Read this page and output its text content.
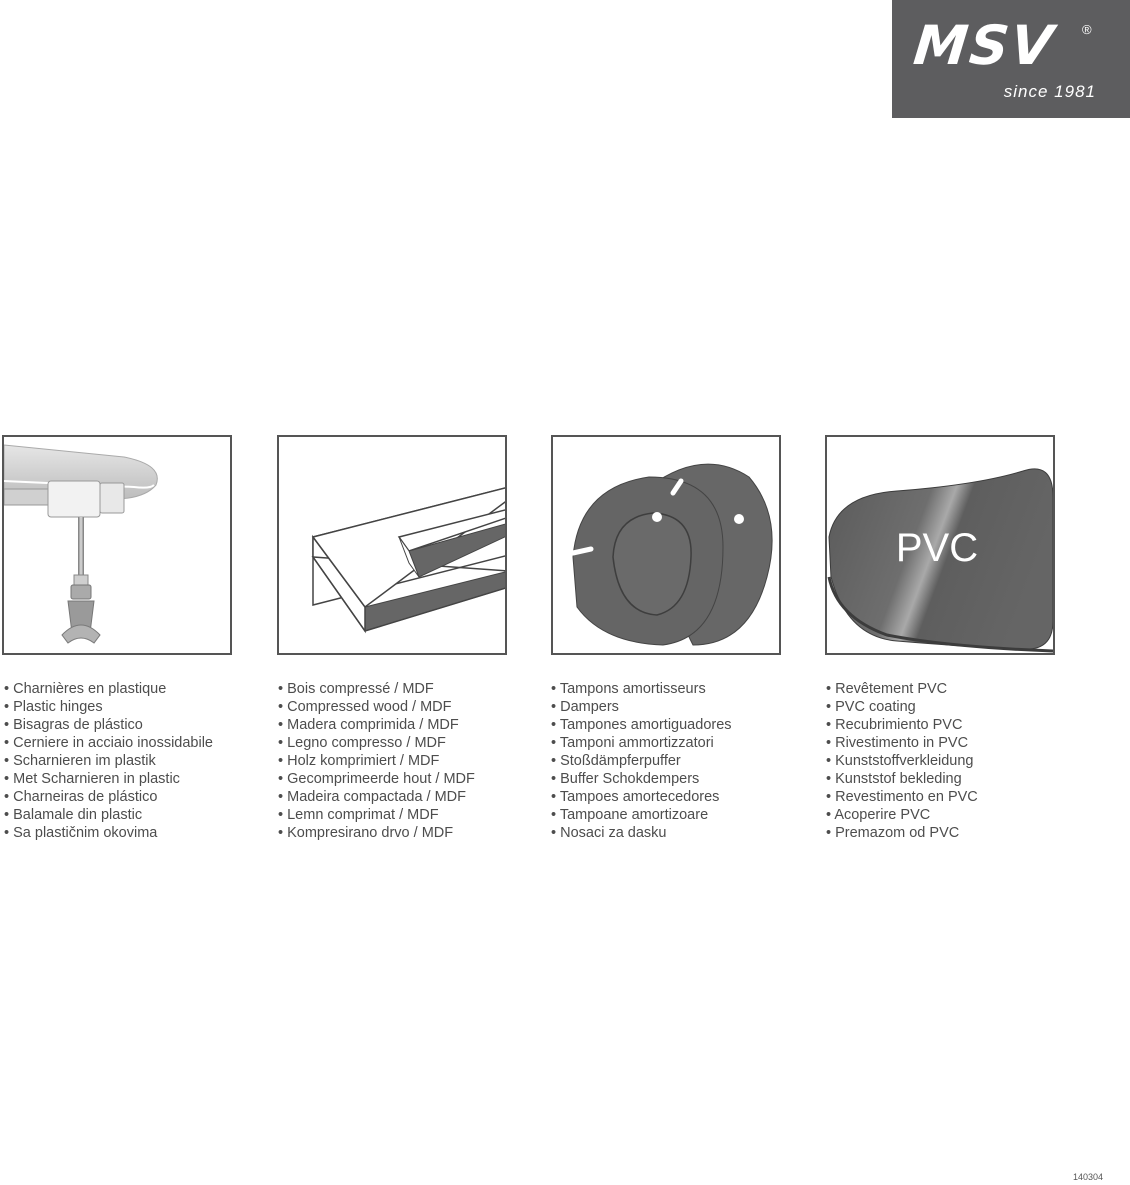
MSV ®
since 1981
PVC
• Charnières en plastique
• Plastic hinges
• Bisagras de plástico
• Cerniere in acciaio inossidabile
• Scharnieren im plastik
• Met Scharnieren in plastic
• Charneiras de plástico
• Balamale din plastic
• Sa plastičnim okovima
• Bois compressé / MDF
• Compressed wood / MDF
• Madera comprimida / MDF
• Legno compresso / MDF
• Holz komprimiert / MDF
• Gecomprimeerde hout / MDF
• Madeira compactada / MDF
• Lemn comprimat / MDF
• Kompresirano drvo / MDF
• Tampons amortisseurs
• Dampers
• Tampones amortiguadores
• Tamponi ammortizzatori
• Stoßdämpferpuffer
• Buffer Schokdempers
• Tampoes amortecedores
• Tampoane amortizoare
• Nosaci za dasku
• Revêtement PVC
• PVC coating
• Recubrimiento PVC
• Rivestimento in PVC
• Kunststoffverkleidung
• Kunststof bekleding
• Revestimento en PVC
• Acoperire PVC
• Premazom od PVC
140304
